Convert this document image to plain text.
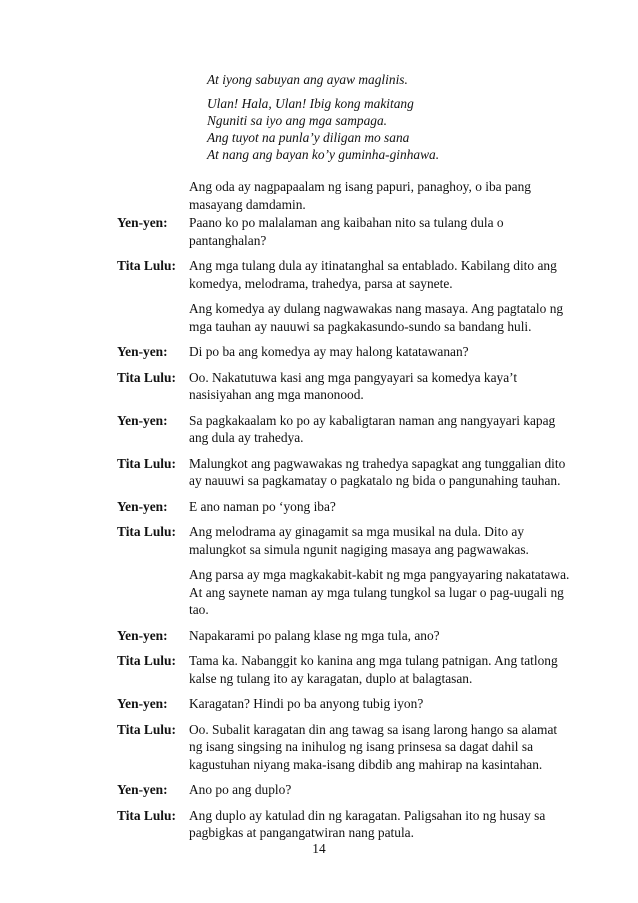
At iyong sabuyan ang ayaw maglinis.
Ulan! Hala, Ulan! Ibig kong makitang
Nguniti sa iyo ang mga sampaga.
Ang tuyot na punla’y diligan mo sana
At nang ang bayan ko’y guminha-ginhawa.
Ang oda ay nagpapaalam ng isang papuri, panaghoy, o iba pang
masayang damdamin.
Yen-yen:	Paano ko po malalaman ang kaibahan nito sa tulang dula o
pantanghalan?
Tita Lulu: Ang mga tulang dula ay itinatanghal sa entablado. Kabilang dito ang
komedya, melodrama, trahedya, parsa at saynete.
Ang komedya ay dulang nagwawakas nang masaya. Ang pagtatalo ng
mga tauhan ay nauuwi sa pagkakasundo-sundo sa bandang huli.
Yen-yen:	Di po ba ang komedya ay may halong katatawanan?
Tita Lulu: Oo. Nakatutuwa kasi ang mga pangyayari sa komedya kaya’t
nasisiyahan ang mga manonood.
Yen-yen:	Sa pagkakaalam ko po ay kabaligtaran naman ang nangyayari kapag
ang dula ay trahedya.
Tita Lulu: Malungkot ang pagwawakas ng trahedya sapagkat ang tunggalian dito
ay nauuwi sa pagkamatay o pagkatalo ng bida o pangunahing tauhan.
Yen-yen:	E ano naman po ‘yong iba?
Tita Lulu: Ang melodrama ay ginagamit sa mga musikal na dula. Dito ay
malungkot sa simula ngunit nagiging masaya ang pagwawakas.
Ang parsa ay mga magkakabit-kabit ng mga pangyayaring nakatatawa.
At ang saynete naman ay mga tulang tungkol sa lugar o pag-uugali ng
tao.
Yen-yen:	Napakarami po palang klase ng mga tula, ano?
Tita Lulu: Tama ka. Nabanggit ko kanina ang mga tulang patnigan. Ang tatlong
kalse ng tulang ito ay karagatan, duplo at balagtasan.
Yen-yen:	Karagatan? Hindi po ba anyong tubig iyon?
Tita Lulu: Oo. Subalit karagatan din ang tawag sa isang larong hango sa alamat
ng isang singsing na inihulog ng isang prinsesa sa dagat dahil sa
kagustuhan niyang maka-isang dibdib ang mahirap na kasintahan.
Yen-yen:	Ano po ang duplo?
Tita Lulu: Ang duplo ay katulad din ng karagatan. Paligsahan ito ng husay sa
pagbigkas at pangangatwiran nang patula.
14
